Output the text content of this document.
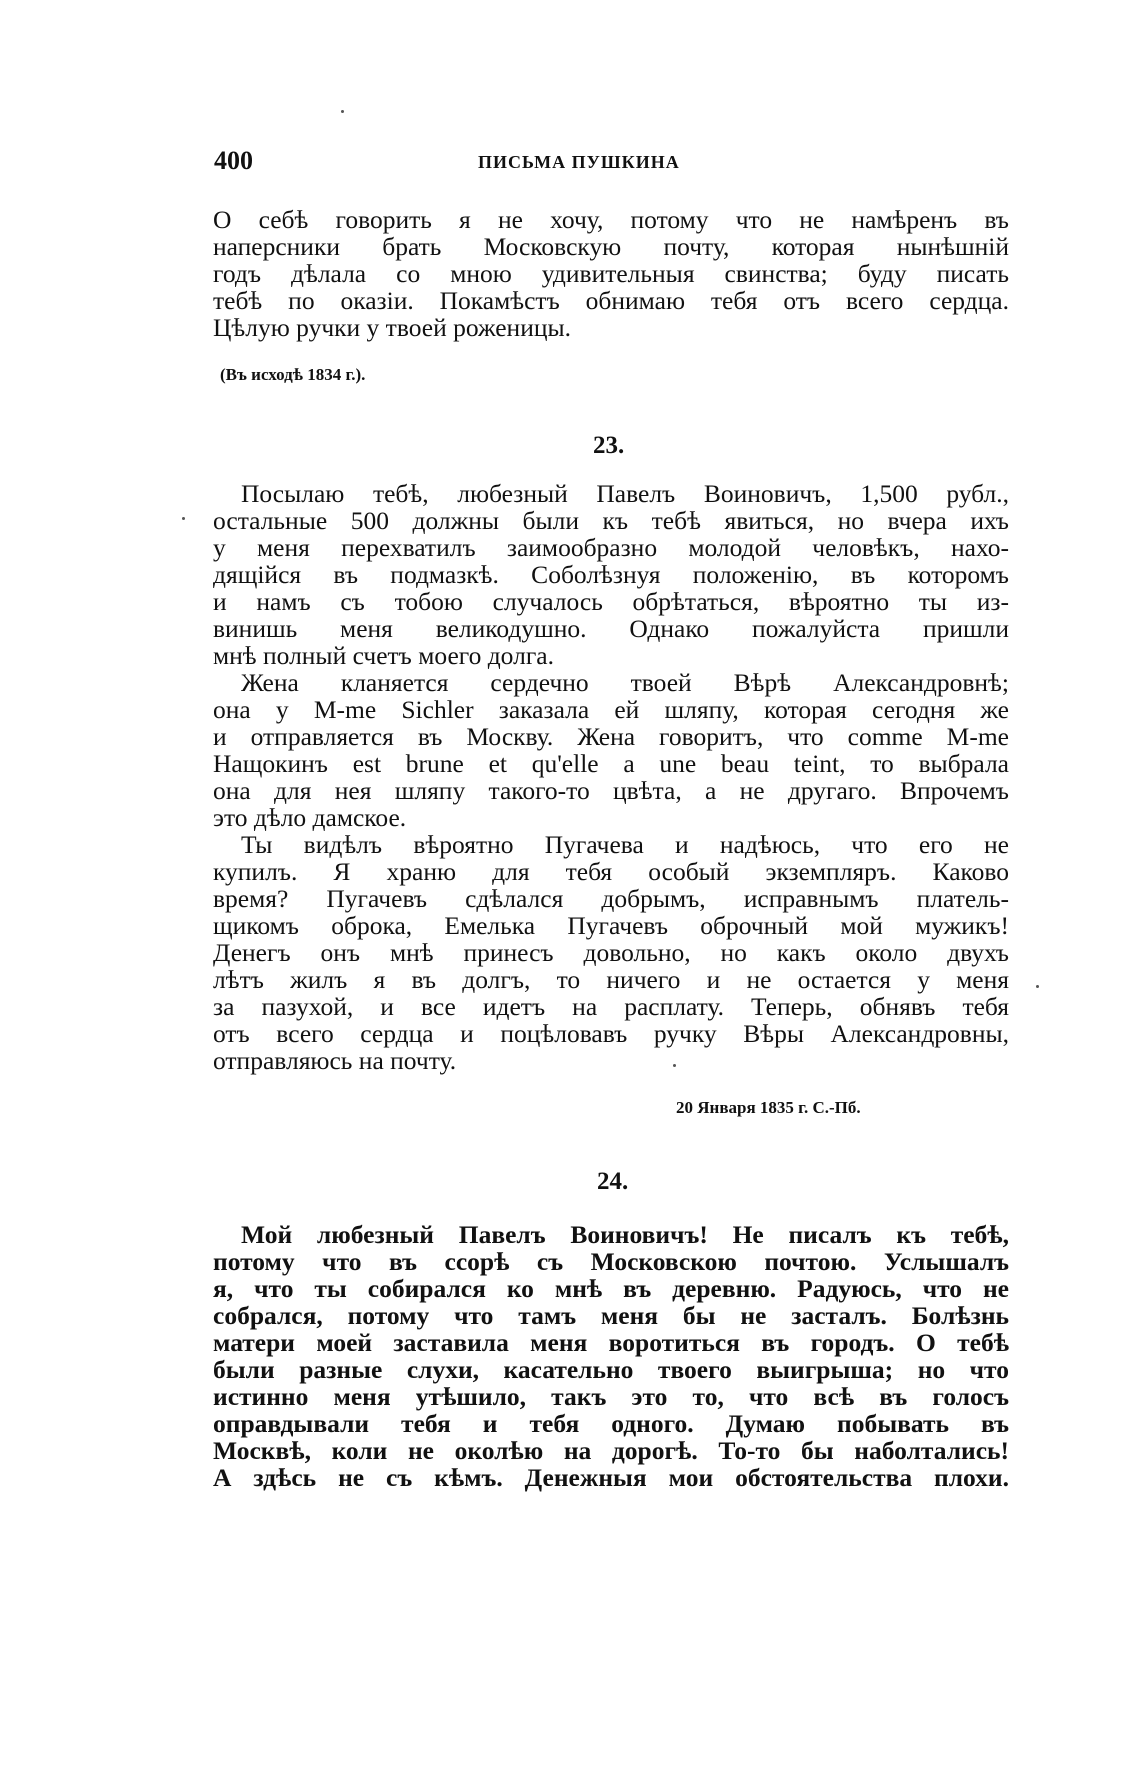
400	ПИСЬМА ПУШКИНА
О себѣ говорить я не хочу, потому что не намѣренъ въ
наперсники брать Московскую почту, которая нынѣшній
годъ дѣлала со мною удивительныя свинства; буду писать
тебѣ по оказіи. Покамѣстъ обнимаю тебя отъ всего сердца.
Цѣлую ручки у твоей роженицы.
(Въ исходѣ 1834 г.).
23.
Посылаю тебѣ, любезный Павелъ Воиновичъ, 1,500 рубл.,
остальные 500 должны были къ тебѣ явиться, но вчера ихъ
у меня перехватилъ заимообразно молодой человѣкъ, нахо-
дящійся въ подмазкѣ. Соболѣзнуя положенію, въ которомъ
и намъ съ тобою случалось обрѣтаться, вѣроятно ты из-
винишь меня великодушно. Однако пожалуйста пришли
мнѣ полный счетъ моего долга.
Жена кланяется сердечно твоей Вѣрѣ Александровнѣ;
она у M-me Sichler заказала ей шляпу, которая сегодня же
и отправляется въ Москву. Жена говоритъ, что comme M-me
Нащокинъ est brune et qu'elle a une beau teint, то выбрала
она для нея шляпу такого-то цвѣта, а не другаго. Впрочемъ
это дѣло дамское.
Ты видѣлъ вѣроятно Пугачева и надѣюсь, что его не
купилъ. Я храню для тебя особый экземпляръ. Каково
время? Пугачевъ сдѣлался добрымъ, исправнымъ платель-
щикомъ оброка, Емелька Пугачевъ оброчный мой мужикъ!
Денегъ онъ мнѣ принесъ довольно, но какъ около двухъ
лѣтъ жилъ я въ долгъ, то ничего и не остается у меня
за пазухой, и все идетъ на расплату. Теперь, обнявъ тебя
отъ всего сердца и поцѣловавъ ручку Вѣры Александровны,
отправляюсь на почту.
20 Января 1835 г. С.-Пб.
24.
Мой любезный Павелъ Воиновичъ! Не писалъ къ тебѣ,
потому что въ ссорѣ съ Московскою почтою. Услышалъ
я, что ты собирался ко мнѣ въ деревню. Радуюсь, что не
собрался, потому что тамъ меня бы не засталъ. Болѣзнь
матери моей заставила меня воротиться въ городъ. О тебѣ
были разные слухи, касательно твоего выигрыша; но что
истинно меня утѣшило, такъ это то, что всѣ въ голосъ
оправдывали тебя и тебя одного. Думаю побывать въ
Москвѣ, коли не околѣю на дорогѣ. То-то бы наболтались!
А здѣсь не съ кѣмъ. Денежныя мои обстоятельства плохи.
